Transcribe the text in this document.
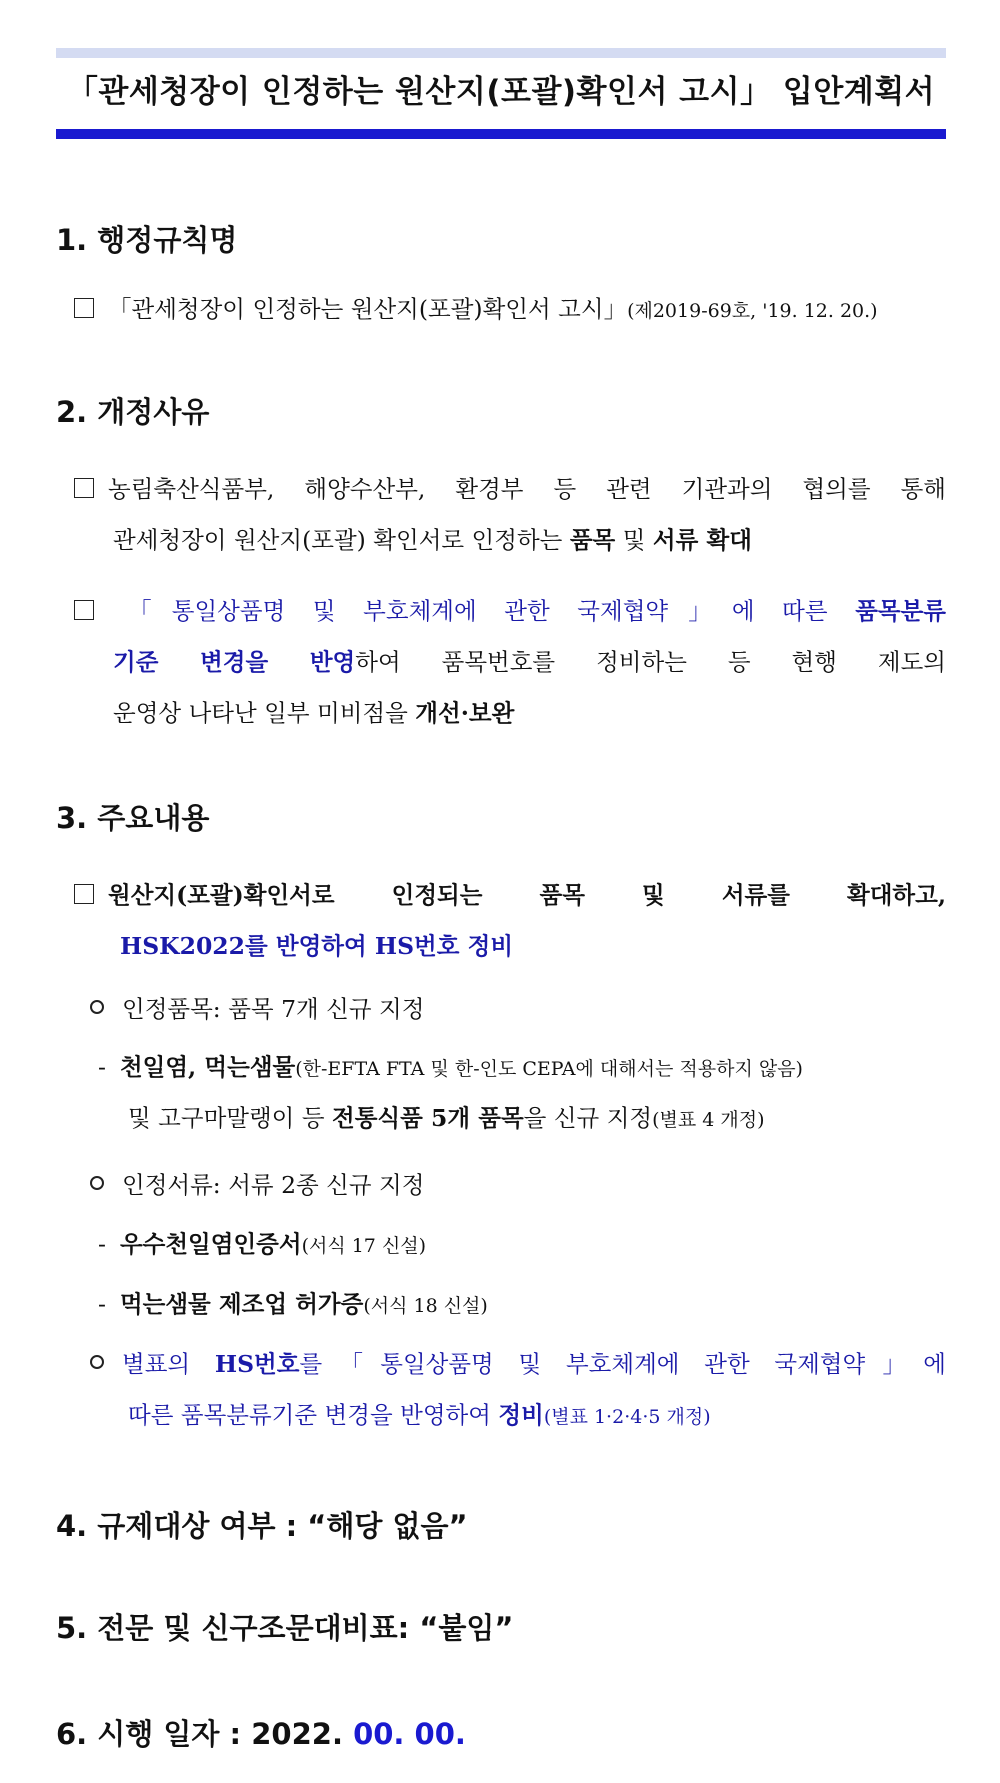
「관세청장이 인정하는 원산지(포괄)확인서 고시」 입안계획서
1. 행정규칙명
「관세청장이 인정하는 원산지(포괄)확인서 고시」(제2019-69호, '19. 12. 20.)
2. 개정사유
농림축산식품부, 해양수산부, 환경부 등 관련 기관과의 협의를 통해
관세청장이 원산지(포괄) 확인서로 인정하는 품목 및 서류 확대
「통일상품명 및 부호체계에 관한 국제협약」에 따른 품목분류
기준 변경을 반영하여 품목번호를 정비하는 등 현행 제도의
운영상 나타난 일부 미비점을 개선·보완
3. 주요내용
원산지(포괄)확인서로 인정되는 품목 및 서류를 확대하고,
HSK2022를 반영하여 HS번호 정비
인정품목: 품목 7개 신규 지정
- 천일염, 먹는샘물(한-EFTA FTA 및 한-인도 CEPA에 대해서는 적용하지 않음)
및 고구마말랭이 등 전통식품 5개 품목을 신규 지정(별표 4 개정)
인정서류: 서류 2종 신규 지정
- 우수천일염인증서(서식 17 신설)
- 먹는샘물 제조업 허가증(서식 18 신설)
별표의 HS번호를「통일상품명 및 부호체계에 관한 국제협약」에
따른 품목분류기준 변경을 반영하여 정비(별표 1·2·4·5 개정)
4. 규제대상 여부 : “해당 없음”
5. 전문 및 신구조문대비표: “붙임”
6. 시행 일자 : 2022. 00. 00.
